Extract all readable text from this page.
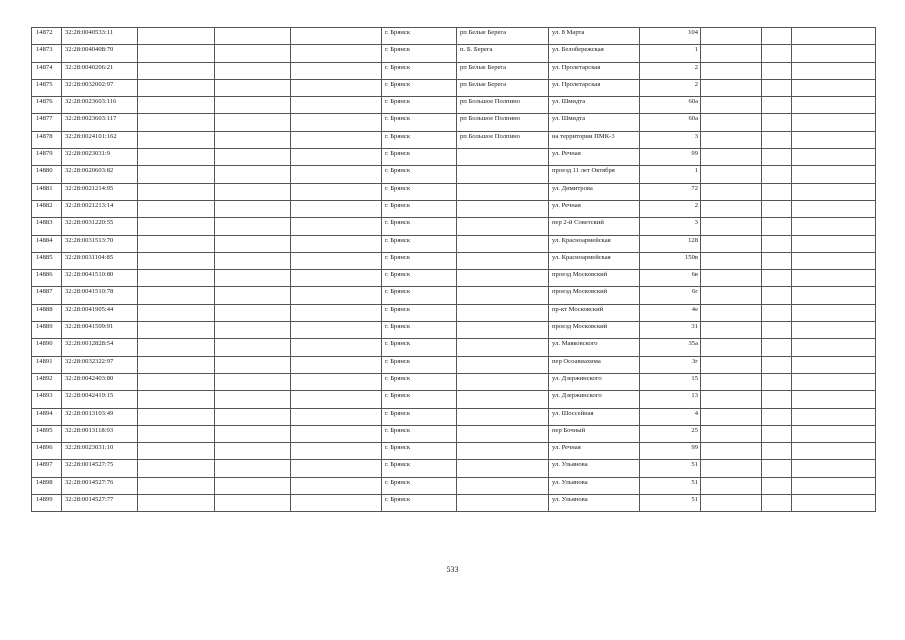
14872	32:28:0040533:11				г. Брянск	рп Белые Берега	ул. 8 Марта	104			
14873	32:28:0040408:70				г. Брянск	п. Б. Берега	ул. Белобережская	1			
14874	32:28:0040206:21				г. Брянск	рп Белые Берега	ул. Пролетарская	2			
14875	32:28:0032002:97				г. Брянск	рп Белые Берега	ул. Пролетарская	2			
14876	32:28:0023603:116				г. Брянск	рп Большое Полпино	ул. Шмидта	60а			
14877	32:28:0023603:117				г. Брянск	рп Большое Полпино	ул. Шмидта	60а			
14878	32:28:0024101:162				г. Брянск	рп Большое Полпино	на территории ПМК-3	3			
14879	32:28:0023031:9				г. Брянск		ул. Речная	99			
14880	32:28:0020603:82				г. Брянск		проезд 11 лет Октября	1			
14881	32:28:0021214:95				г. Брянск		ул. Димитрова	72			
14882	32:28:0021213:14				г. Брянск		ул. Речная	2			
14883	32:28:0031220:55				г. Брянск		пер 2-й Советский	3			
14884	32:28:0031513:70				г. Брянск		ул. Красноармейская	128			
14885	32:28:0031104:85				г. Брянск		ул. Красноармейская	150в			
14886	32:28:0041510:80				г. Брянск		проезд Московский	6в			
14887	32:28:0041510:78				г. Брянск		проезд Московский	6г			
14888	32:28:0041905:44				г. Брянск		пр-кт Московский	4е			
14889	32:28:0041509:91				г. Брянск		проезд Московский	31			
14890	32:28:0012828:54				г. Брянск		ул. Маяковского	35а			
14891	32:28:0032322:97				г. Брянск		пер Осоавиахима	3г			
14892	32:28:0042403:80				г. Брянск		ул. Дзержинского	15			
14893	32:28:0042419:15				г. Брянск		ул. Дзержинского	13			
14894	32:28:0013103:49				г. Брянск		ул. Шоссейная	4			
14895	32:28:0013118:93				г. Брянск		пер Бочный	25			
14896	32:28:0023031:10				г. Брянск		ул. Речная	99			
14897	32:28:0014527:75				г. Брянск		ул. Ульянова	51			
14898	32:28:0014527:76				г. Брянск		ул. Ульянова	51			
14899	32:28:0014527:77				г. Брянск		ул. Ульянова	51			
533
